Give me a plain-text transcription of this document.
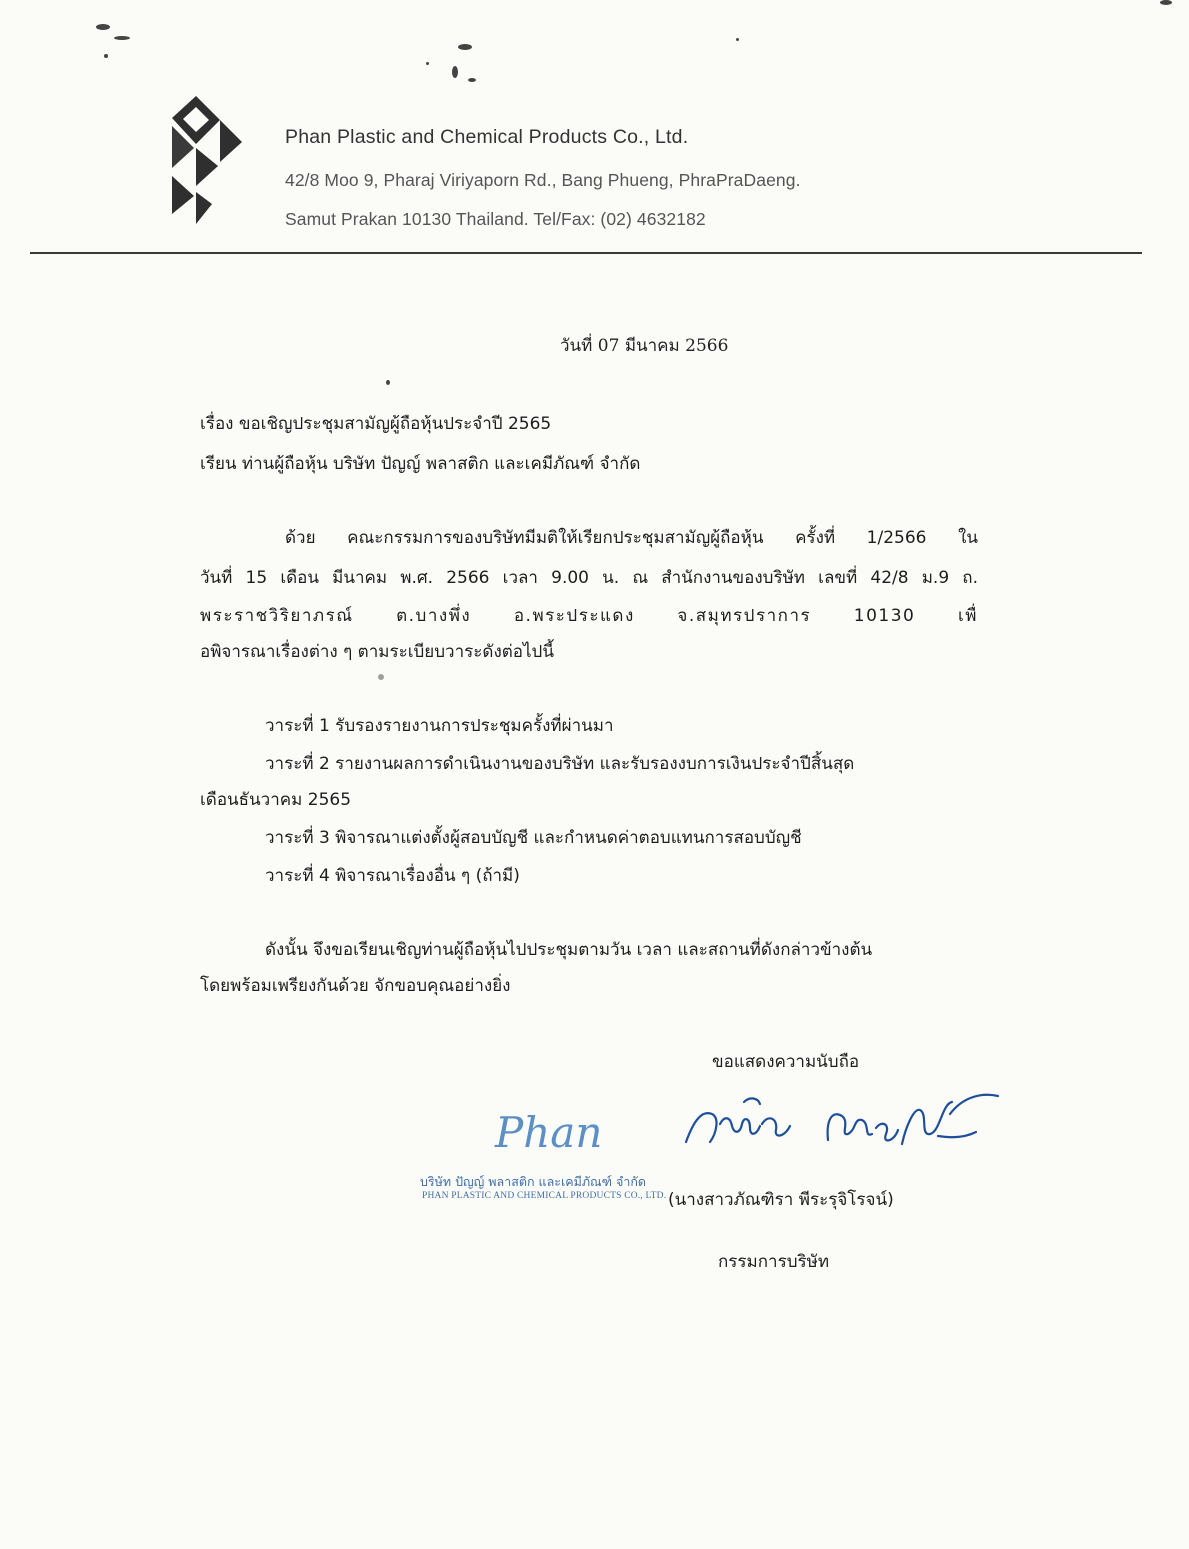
Phan Plastic and Chemical Products Co., Ltd.
42/8 Moo 9, Pharaj Viriyaporn Rd., Bang Phueng, PhraPraDaeng.
Samut Prakan 10130 Thailand. Tel/Fax: (02) 4632182
วันที่ 07 มีนาคม 2566
เรื่อง ขอเชิญประชุมสามัญผู้ถือหุ้นประจำปี 2565
เรียน ท่านผู้ถือหุ้น บริษัท ปัญญ์ พลาสติก และเคมีภัณฑ์ จำกัด
ด้วย คณะกรรมการของบริษัทมีมติให้เรียกประชุมสามัญผู้ถือหุ้น ครั้งที่ 1/2566 ใน
วันที่ 15 เดือน มีนาคม พ.ศ. 2566 เวลา 9.00 น. ณ สำนักงานของบริษัท เลขที่ 42/8 ม.9 ถ.
พระราชวิริยาภรณ์ ต.บางพึ่ง อ.พระประแดง จ.สมุทรปราการ 10130 เพื่
อพิจารณาเรื่องต่าง ๆ ตามระเบียบวาระดังต่อไปนี้
วาระที่ 1 รับรองรายงานการประชุมครั้งที่ผ่านมา
วาระที่ 2 รายงานผลการดำเนินงานของบริษัท และรับรองงบการเงินประจำปีสิ้นสุด
เดือนธันวาคม 2565
วาระที่ 3 พิจารณาแต่งตั้งผู้สอบบัญชี และกำหนดค่าตอบแทนการสอบบัญชี
วาระที่ 4 พิจารณาเรื่องอื่น ๆ (ถ้ามี)
ดังนั้น จึงขอเรียนเชิญท่านผู้ถือหุ้นไปประชุมตามวัน เวลา และสถานที่ดังกล่าวข้างต้น
โดยพร้อมเพรียงกันด้วย จักขอบคุณอย่างยิ่ง
ขอแสดงความนับถือ
Phan
บริษัท ปัญญ์ พลาสติก และเคมีภัณฑ์ จำกัด
PHAN PLASTIC AND CHEMICAL PRODUCTS CO., LTD. (นางสาวภัณฑิรา พีระรุจิโรจน์)
กรรมการบริษัท
